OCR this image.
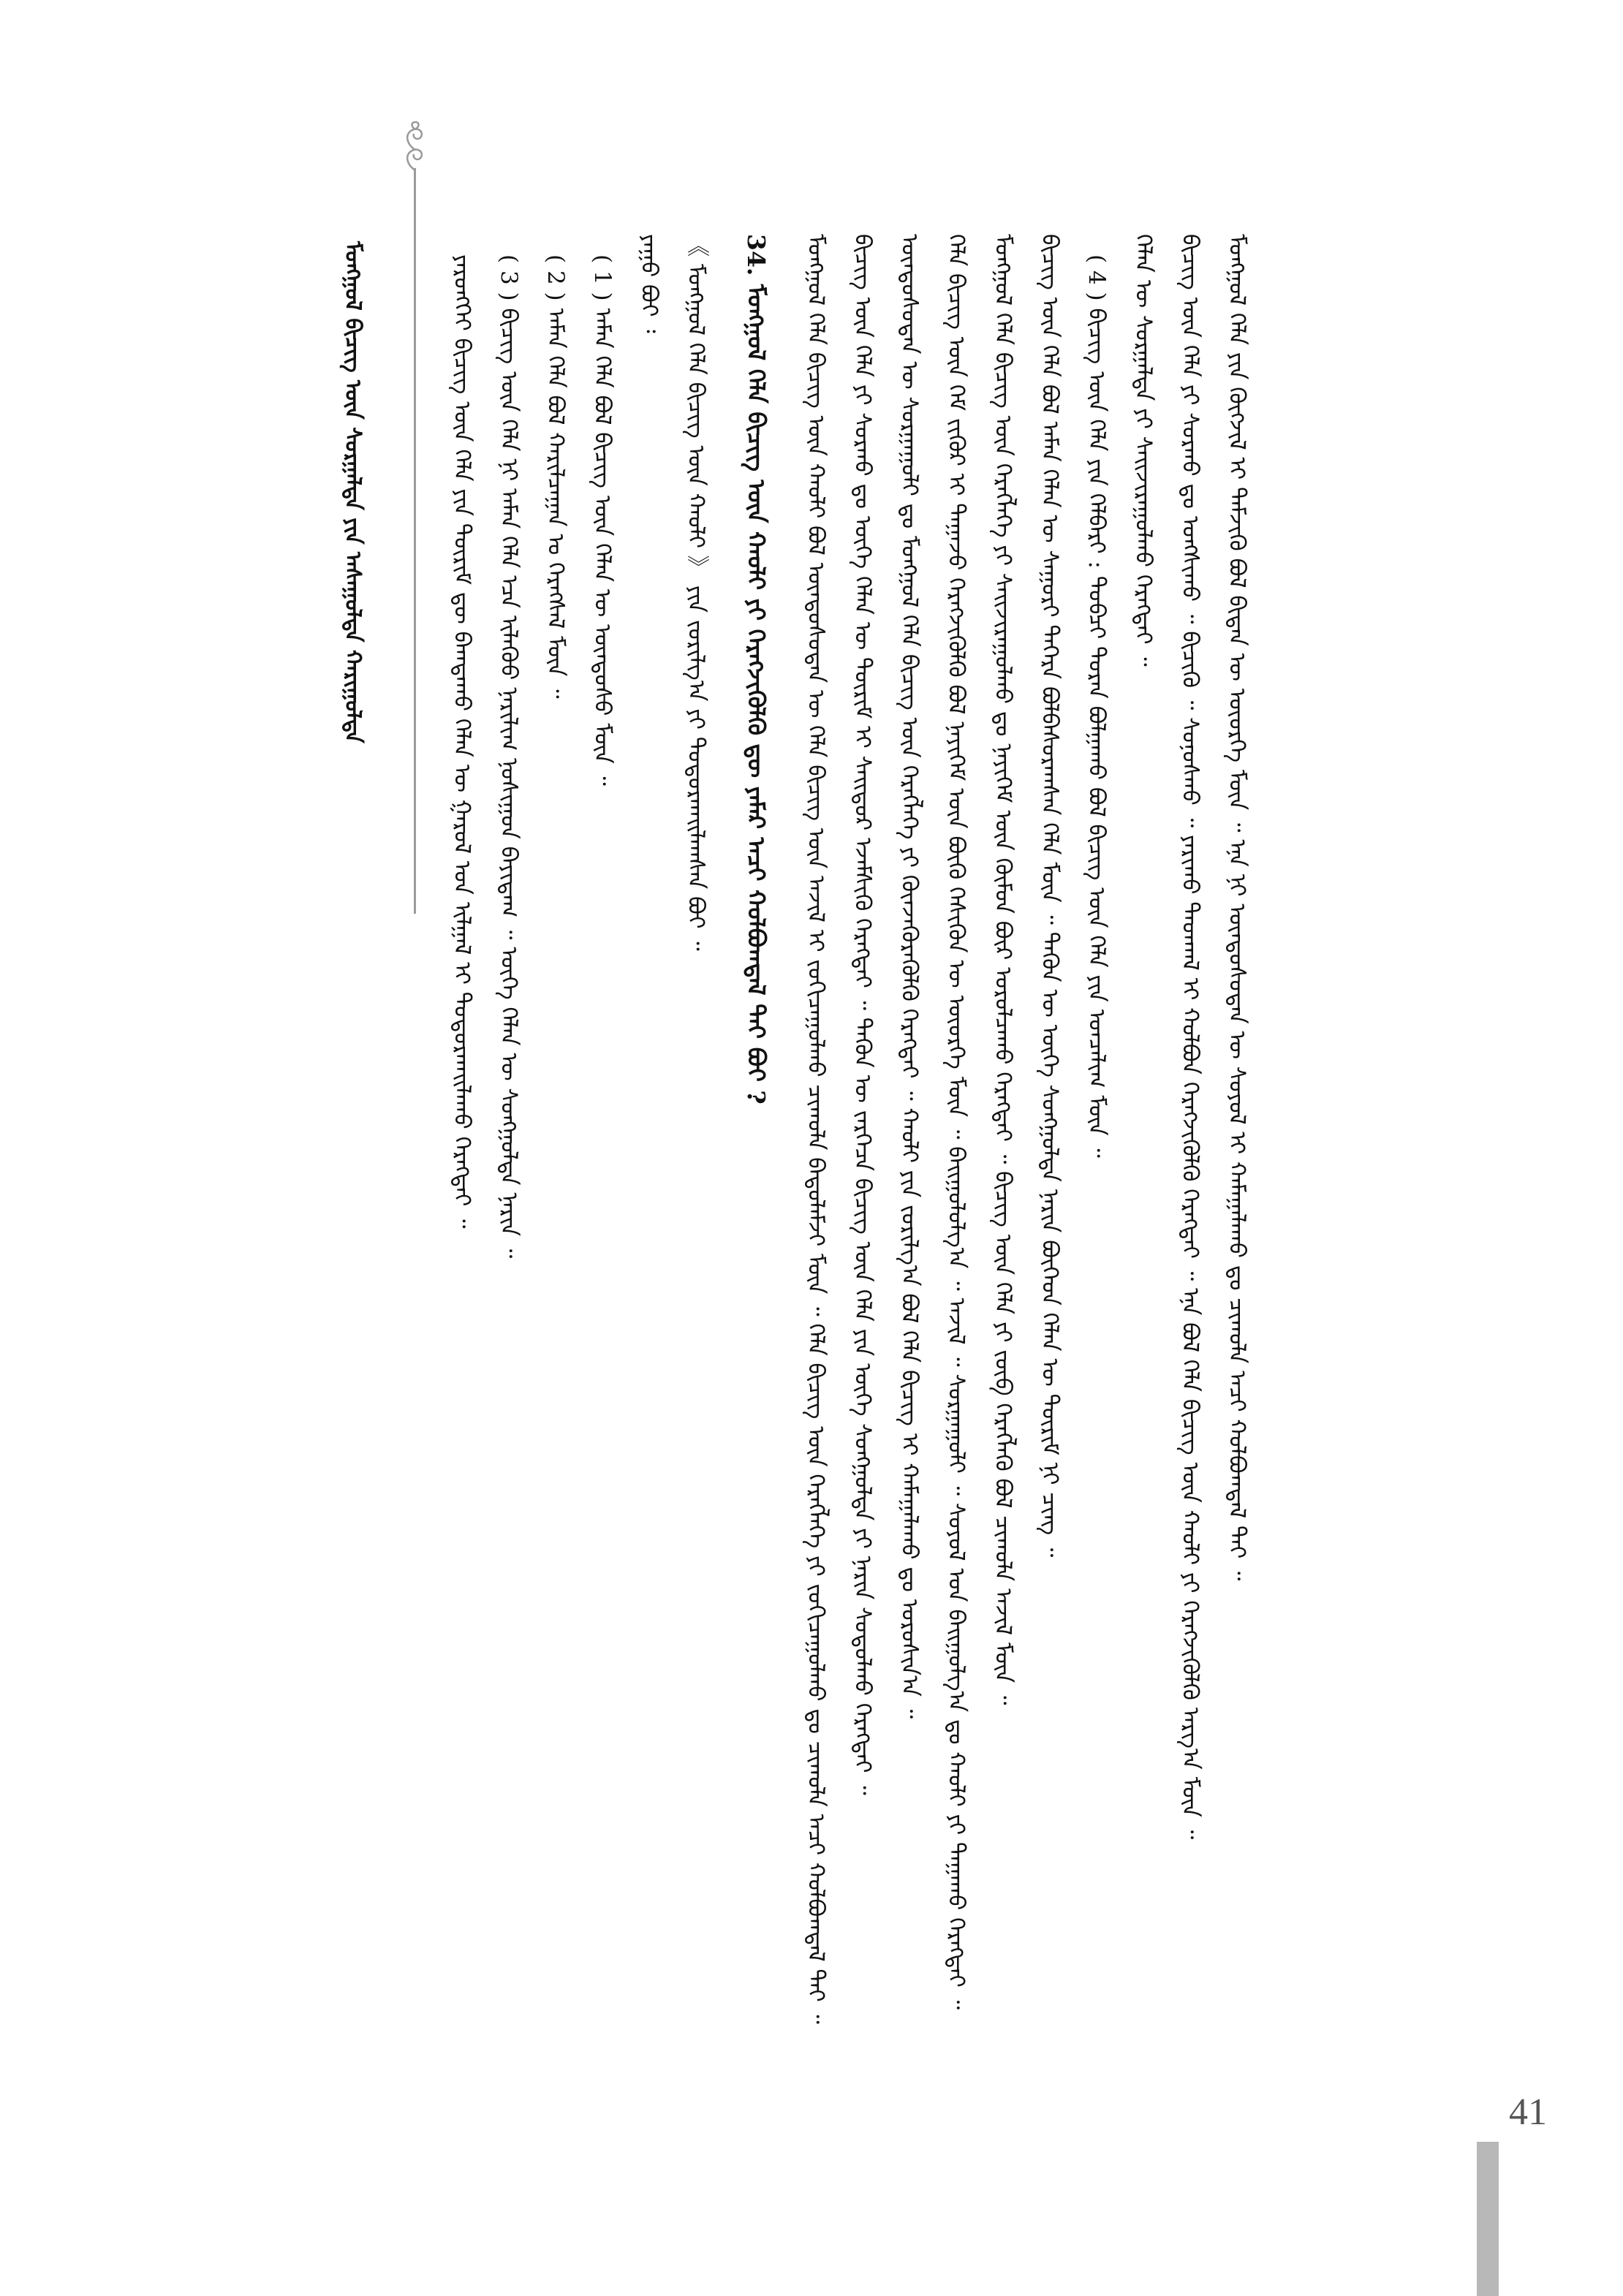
ᠮᠣᠩᠭᠣᠯ ᠪᠢᠴᠢᠭ᠌ ᠦᠨ ᠰᠤᠷᠭᠠᠯᠲᠠ ᠶᠢᠨ ᠠᠰᠠᠭᠤᠯᠲᠠ ᠬᠠᠷᠢᠭᠤᠯᠲᠠ	ᠶᠡᠷᠦᠩᠭᠡᠢ ᠪᠢᠴᠢᠭ᠌ ᠦᠨ ᠬᠡᠯᠡ ᠶᠢᠨ ᠳᠦᠷᠢᠮ ᠳᠦ ᠪᠠᠭᠲᠠᠬᠤ ᠬᠡᠯᠡᠨ ᠦ ᠭᠠᠷᠤᠯ ᠤᠨ ᠢᠯᠭᠠᠯ ᠢ ᠲᠣᠳᠤᠷᠬᠠᠢᠯᠠᠬᠤ ᠬᠡᠷᠡᠭᠲᠡᠢ ᠃ ( 3 ) ᠪᠢᠴᠢᠭ᠌ ᠦᠨ ᠬᠡᠯᠡ ᠨᠢ ᠠᠮᠠᠨ ᠬᠡᠯᠡ ᠡᠴᠡ ᠢᠯᠡᠭᠦᠦ ᠨᠠᠷᠢᠯᠢᠭ ᠨᠤᠰᠢᠭᠤᠨ ᠪᠠᠶᠢᠳᠠᠭ ᠃ ᠦᠭᠡ ᠬᠡᠯᠡᠨ ᠦ ᠰᠤᠩᠭᠤᠯᠲᠠ ᠨᠠᠷᠢᠨ ᠃ ( 2 ) ᠠᠮᠠᠨ ᠬᠡᠯᠡ ᠪᠣᠯ ᠬᠠᠷᠢᠯᠴᠠᠭᠠᠨ ᠤ ᠬᠡᠷᠡᠭᠰᠡᠯ ᠮᠥᠨ ᠃ ( 1 ) ᠠᠮᠠᠨ ᠬᠡᠯᠡ ᠪᠣᠯ ᠪᠢᠴᠢᠭ᠌ ᠦᠨ ᠬᠡᠯᠡᠨ ᠦ ᠦᠨᠳᠦᠰᠦ ᠮᠥᠨ ᠃ ᠶᠠᠭᠤ ᠪᠤᠢ ᠄ 《 ᠮᠣᠩᠭᠣᠯ ᠬᠡᠯᠡ ᠪᠢᠴᠢᠭ᠌ ᠦᠨ ᠬᠠᠤᠯᠢ 》 ᠶᠢᠨ ᠵᠣᠷᠢᠯᠭ᠎ᠠ ᠶᠢ ᠲᠣᠳᠤᠷᠬᠠᠢᠯᠠᠭᠰᠠᠨ ᠪᠤᠢ ᠃	34. ᠮᠣᠩᠭᠣᠯ ᠬᠡᠯᠡ ᠪᠢᠴᠢᠭ᠌ ᠦᠨ ᠬᠠᠤᠯᠢ ᠶᠢ ᠬᠡᠷᠡᠭᠵᠢᠭᠦᠯᠬᠦ ᠳᠦ ᠶᠠᠮᠠᠷ ᠠᠴᠢ ᠬᠣᠯᠪᠣᠭᠳᠠᠯ ᠲᠠᠢ ᠪᠤᠢ ?	ᠮᠣᠩᠭᠣᠯ ᠬᠡᠯᠡ ᠪᠢᠴᠢᠭ᠌ ᠦᠨ ᠬᠠᠤᠯᠢ ᠪᠣᠯ ᠦᠨᠳᠦᠰᠦᠲᠡᠨ ᠦ ᠬᠡᠯᠡ ᠪᠢᠴᠢᠭ᠌ ᠦᠨ ᠠᠵᠢᠯ ᠢ ᠵᠣᠬᠢᠴᠠᠭᠤᠯᠬᠤ ᠴᠢᠬᠤᠯᠠ ᠪᠠᠲᠤᠯᠠᠮᠵᠢ ᠮᠥᠨ ᠃ ᠬᠡᠯᠡ ᠪᠢᠴᠢᠭ᠌ ᠦᠨ ᠬᠡᠷᠡᠭᠯᠡᠭᠡ ᠶᠢ ᠵᠣᠬᠢᠴᠠᠭᠤᠯᠬᠤ ᠳᠤ ᠴᠢᠬᠤᠯᠠ ᠠᠴᠢ ᠬᠣᠯᠪᠣᠭᠳᠠᠯ ᠲᠠᠢ ᠃ ᠪᠢᠴᠢᠭ᠌ ᠦᠨ ᠬᠡᠯᠡ ᠶᠢ ᠰᠤᠷᠬᠤ ᠳᠤ ᠦᠭᠡ ᠬᠡᠯᠡᠨ ᠦ ᠳᠦᠷᠢᠮ ᠢ ᠰᠠᠢᠲᠤᠷ ᠡᠵᠡᠮᠰᠢᠬᠦ ᠬᠡᠷᠡᠭᠲᠡᠢ ᠃ ᠲᠡᠭᠦᠨ ᠦ ᠵᠡᠷᠭᠡᠴᠡ ᠪᠢᠴᠢᠭ᠌ ᠦᠨ ᠬᠡᠯᠡ ᠶᠢᠨ ᠦᠭᠡ ᠰᠤᠩᠭᠤᠯᠲᠠ ᠶᠢ ᠨᠠᠷᠢᠨ ᠰᠤᠳᠤᠯᠬᠤ ᠬᠡᠷᠡᠭᠲᠡᠢ ᠃ ᠦᠨᠳᠦᠰᠦᠲᠡᠨ ᠦ ᠰᠤᠷᠭᠠᠭᠤᠯᠢ ᠳᠤ ᠮᠣᠩᠭᠣᠯ ᠬᠡᠯᠡ ᠪᠢᠴᠢᠭ᠌ ᠦᠨ ᠬᠡᠷᠡᠭᠯᠡᠭᠡ ᠶᠢ ᠭᠦᠨᠵᠡᠭᠦᠷᠡᠭᠦᠯᠬᠦ ᠬᠡᠷᠡᠭᠲᠡᠢ ᠃ ᠬᠠᠤᠯᠢ ᠶᠢᠨ ᠵᠣᠷᠢᠯᠭ᠎ᠠ ᠪᠣᠯ ᠬᠡᠯᠡ ᠪᠢᠴᠢᠭ᠌ ᠢ ᠬᠠᠮᠠᠭᠠᠯᠠᠬᠤ ᠳᠤ ᠣᠷᠣᠰᠢᠨ᠎ᠠ ᠃ ᠬᠡᠯᠡ ᠪᠢᠴᠢᠭ᠌ ᠦᠨ ᠬᠡᠮ ᠵᠢᠭᠦᠷ ᠢ ᠳᠠᠭᠠᠵᠤ ᠬᠡᠷᠡᠭᠵᠢᠭᠦᠯᠬᠦ ᠪᠣᠯ ᠨᠡᠶᠢᠭᠡᠮ ᠦᠨ ᠪᠦᠬᠦ ᠭᠡᠰᠢᠭᠦᠨ ᠦ ᠦᠦᠷᠭᠡ ᠮᠥᠨ ᠃ ᠪᠠᠢᠭᠤᠯᠤᠯᠭ᠎ᠠ ᠃ ᠠᠵᠢᠯ ᠃ ᠰᠤᠷᠭᠠᠭᠤᠯᠢ ᠃ ᠰᠣᠶᠤᠯ ᠤᠨ ᠪᠠᠢᠭᠤᠯᠭ᠎ᠠ ᠳᠤ ᠬᠠᠤᠯᠢ ᠶᠢ ᠳᠠᠭᠠᠬᠤ ᠬᠡᠷᠡᠭᠲᠡᠢ ᠃ ᠮᠣᠩᠭᠣᠯ ᠬᠡᠯᠡ ᠪᠢᠴᠢᠭ᠌ ᠦᠨ ᠬᠡᠷᠡᠭᠯᠡᠭᠡ ᠶᠢ ᠰᠠᠢᠵᠢᠷᠠᠭᠤᠯᠬᠤ ᠳᠤ ᠨᠡᠶᠢᠭᠡᠮ ᠦᠨ ᠬᠦᠮᠦᠨ ᠪᠦᠷ ᠣᠷᠣᠯᠴᠠᠬᠤ ᠬᠡᠷᠡᠭᠲᠡᠢ ᠃ ᠪᠢᠴᠢᠭ᠌ ᠦᠨ ᠬᠡᠯᠡ ᠶᠢ ᠵᠥᠪ ᠬᠡᠷᠡᠭᠯᠡᠬᠦ ᠪᠣᠯ ᠴᠢᠬᠤᠯᠠ ᠠᠵᠢᠯ ᠮᠥᠨ ᠃ ᠪᠢᠴᠢᠭ᠌ ᠦᠨ ᠬᠡᠯᠡ ᠪᠣᠯ ᠠᠮᠠᠨ ᠬᠡᠯᠡᠨ ᠦ ᠰᠠᠭᠤᠷᠢ ᠳᠡᠭᠡᠷᠡ ᠪᠣᠯᠪᠠᠰᠤᠷᠠᠭᠰᠠᠨ ᠬᠡᠯᠡ ᠮᠥᠨ ᠃ ᠲᠡᠭᠦᠨ ᠦ ᠦᠭᠡ ᠰᠤᠩᠭᠤᠯᠲᠠ ᠨᠠᠷᠢᠨ ᠪᠥᠭᠡᠳ ᠬᠡᠯᠡᠨ ᠦ ᠳᠦᠷᠢᠮ ᠨᠢ ᠴᠢᠩ ᠃ ( 4 ) ᠪᠢᠴᠢᠭ᠌ ᠦᠨ ᠬᠡᠯᠡ ᠶᠢᠨ ᠬᠡᠯᠪᠡᠷᠢ : ᠲᠣᠪᠴᠢ ᠳᠤᠷᠠᠨ ᠪᠣᠯᠭᠠᠬᠤ ᠪᠣᠯ ᠪᠢᠴᠢᠭ᠌ ᠦᠨ ᠬᠡᠯᠡ ᠶᠢᠨ ᠣᠨᠴᠠᠯᠢᠭ ᠮᠥᠨ ᠃ ᠬᠡᠯᠡᠨ ᠦ ᠰᠤᠷᠭᠠᠯᠲᠠ ᠶᠢ ᠰᠠᠢᠵᠢᠷᠠᠭᠤᠯᠬᠤ ᠬᠡᠷᠡᠭᠲᠡᠢ ᠃ ᠪᠢᠴᠢᠭ᠌ ᠦᠨ ᠬᠡᠯᠡ ᠶᠢ ᠰᠤᠷᠬᠤ ᠳᠤ ᠤᠩᠰᠢᠬᠤ ᠃ ᠪᠢᠴᠢᠬᠦ ᠃ ᠰᠣᠨᠣᠰᠬᠤ ᠃ ᠶᠠᠷᠢᠬᠤ ᠳᠠᠳᠬᠠᠯ ᠢ ᠬᠣᠯᠪᠣᠨ ᠬᠡᠷᠡᠭᠵᠢᠭᠦᠯᠬᠦ ᠬᠡᠷᠡᠭᠲᠡᠢ ᠃ ᠡᠨᠡ ᠪᠣᠯ ᠬᠡᠯᠡ ᠪᠢᠴᠢᠭ᠌ ᠦᠨ ᠬᠠᠤᠯᠢ ᠶᠢ ᠬᠡᠷᠡᠭᠵᠢᠭᠦᠯᠬᠦ ᠠᠷᠭ᠎ᠠ ᠮᠥᠨ ᠃ ᠮᠣᠩᠭᠣᠯ ᠬᠡᠯᠡ ᠶᠢᠨ ᠬᠥᠭᠵᠢᠯ ᠢ ᠳᠡᠮᠵᠢᠬᠦ ᠪᠣᠯ ᠪᠢᠳᠡᠨ ᠦ ᠦᠦᠷᠭᠡ ᠮᠥᠨ ᠃ ᠡᠨᠡ ᠨᠢ ᠦᠨᠳᠦᠰᠦᠲᠡᠨ ᠦ ᠰᠣᠶᠤᠯ ᠢ ᠬᠠᠮᠠᠭᠠᠯᠠᠬᠤ ᠳᠤ ᠴᠢᠬᠤᠯᠠ ᠠᠴᠢ ᠬᠣᠯᠪᠣᠭᠳᠠᠯ ᠲᠠᠢ ᠃

41
